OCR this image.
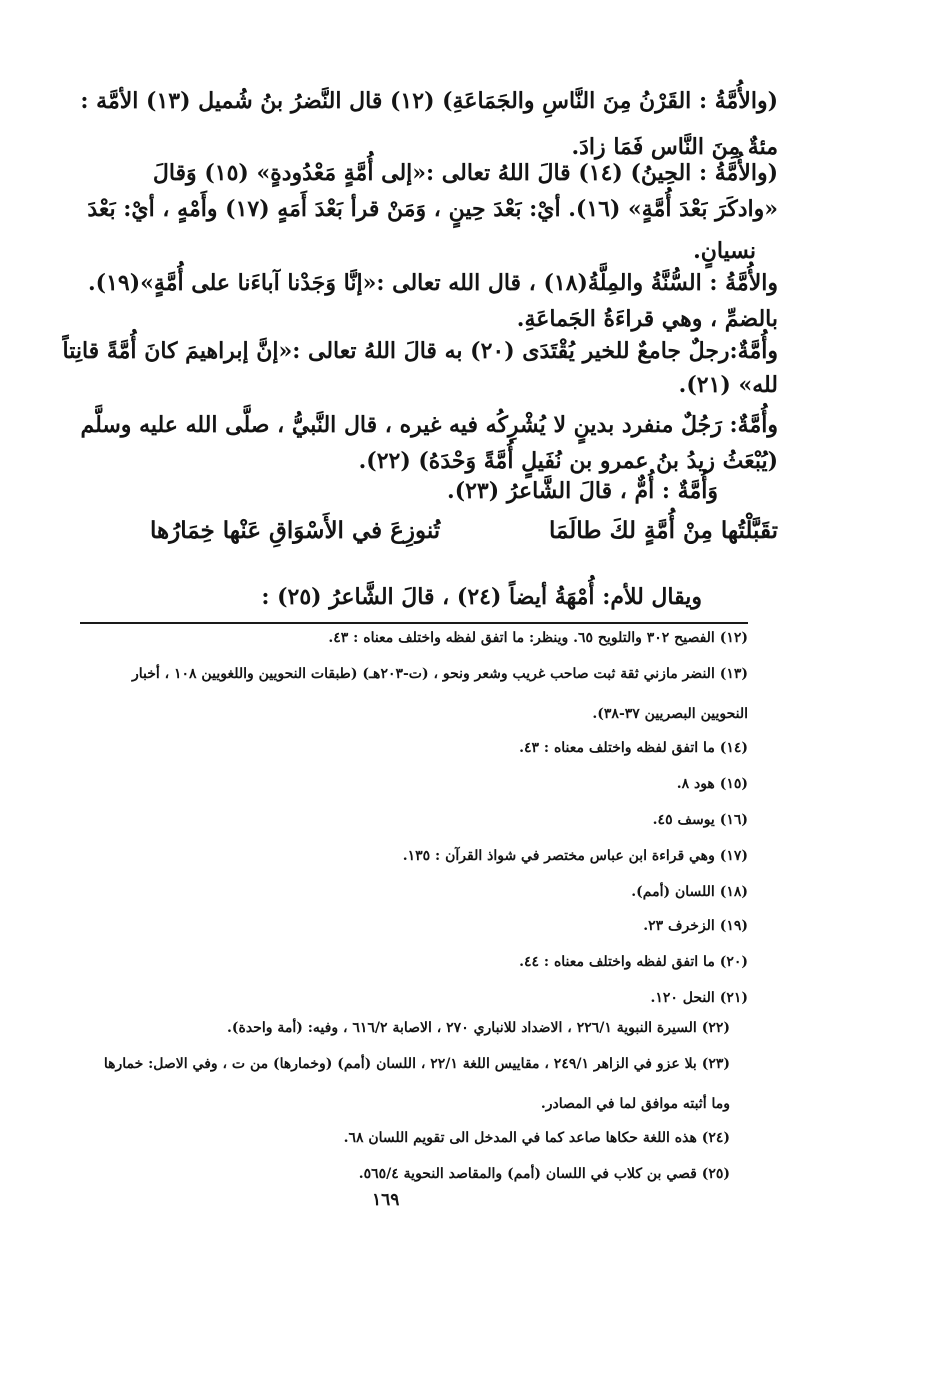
(والأُمَّةُ : القَرْنُ مِنَ النَّاسِ والجَمَاعَةِ) (١٢) قال النَّضرُ بنُ شُميل (١٣) الأمَّة :
مئةٌ مِنَ النَّاس فَمَا زادَ.
(والأُمَّةُ : الحِينُ) (١٤) قالَ اللهُ تعالى :«إلى أُمَّةٍ مَعْدُودةٍ» (١٥) وَقالَ
«وادكَرَ بَعْدَ أُمَّةٍ» (١٦). أيْ: بَعْدَ حِينٍ ، وَمَنْ قرأ بَعْدَ أَمَهٍ (١٧) وأَمْهٍ ، أيْ: بَعْدَ
نسيانٍ.
والأُمَّةُ : السُّنَّةُ والمِلَّةُ(١٨) ، قال الله تعالى :«إنَّا وَجَدْنا آباءَنا على أُمَّةٍ»(١٩).
بالضمِّ ، وهي قراءَةُ الجَماعَةِ.
وأُمَّةٌ:رجلٌ جامعٌ للخير يُقْتَدَى (٢٠) به قالَ اللهُ تعالى :«إنَّ إبراهيمَ كانَ أُمَّةً قانِتاً
لله» (٢١).
وأُمَّةٌ: رَجُلٌ منفرد بدينٍ لا يُشْرِكُه فيه غيره ، قال النَّبيُّ ، صلَّى الله عليه وسلَّم
(يُبْعَثُ زيدُ بنُ عمرو بن نُفَيلٍ أُمَّةً وَحْدَهُ) (٢٢).
وَأُمَّةٌ : أُمٌّ ، قالَ الشَّاعرُ (٢٣).
تقَبَّلْتُها مِنْ أُمَّةٍ لكَ طالَمَا
تُنوزِعَ في الأَسْوَاقِ عَنْها خِمَارُها
ويقال للأم: أُمْهَةُ أيضاً (٢٤) ، قالَ الشَّاعرُ (٢٥) :
(١٢) الفصيح ٣٠٢ والتلويح ٦٥. وينظر: ما اتفق لفظه واختلف معناه : ٤٣.
(١٣) النضر مازني ثقة ثبت صاحب غريب وشعر ونحو ، (ت-٢٠٣هـ) (طبقات النحويين واللغويين ١٠٨ ، أخبار
النحويين البصريين ٣٧-٣٨).
(١٤) ما اتفق لفظه واختلف معناه : ٤٣.
(١٥) هود ٨.
(١٦) يوسف ٤٥.
(١٧) وهي قراءة ابن عباس مختصر في شواذ القرآن : ١٣٥.
(١٨) اللسان (أمم).
(١٩) الزخرف ٢٣.
(٢٠) ما اتفق لفظه واختلف معناه : ٤٤.
(٢١) النحل ١٢٠.
(٢٢) السيرة النبوية ٢٢٦/١ ، الاضداد للانباري ٢٧٠ ، الاصابة ٦١٦/٢ ، وفيه: (أمة واحدة).
(٢٣) بلا عزو في الزاهر ٢٤٩/١ ، مقاييس اللغة ٢٢/١ ، اللسان (أمم) (وخمارها) من ت ، وفي الاصل: خمارها
وما أثبته موافق لما في المصادر.
(٢٤) هذه اللغة حكاها صاعد كما في المدخل الى تقويم اللسان ٦٨.
(٢٥) قصي بن كلاب في اللسان (أمم) والمقاصد النحوية ٥٦٥/٤.
١٦٩
